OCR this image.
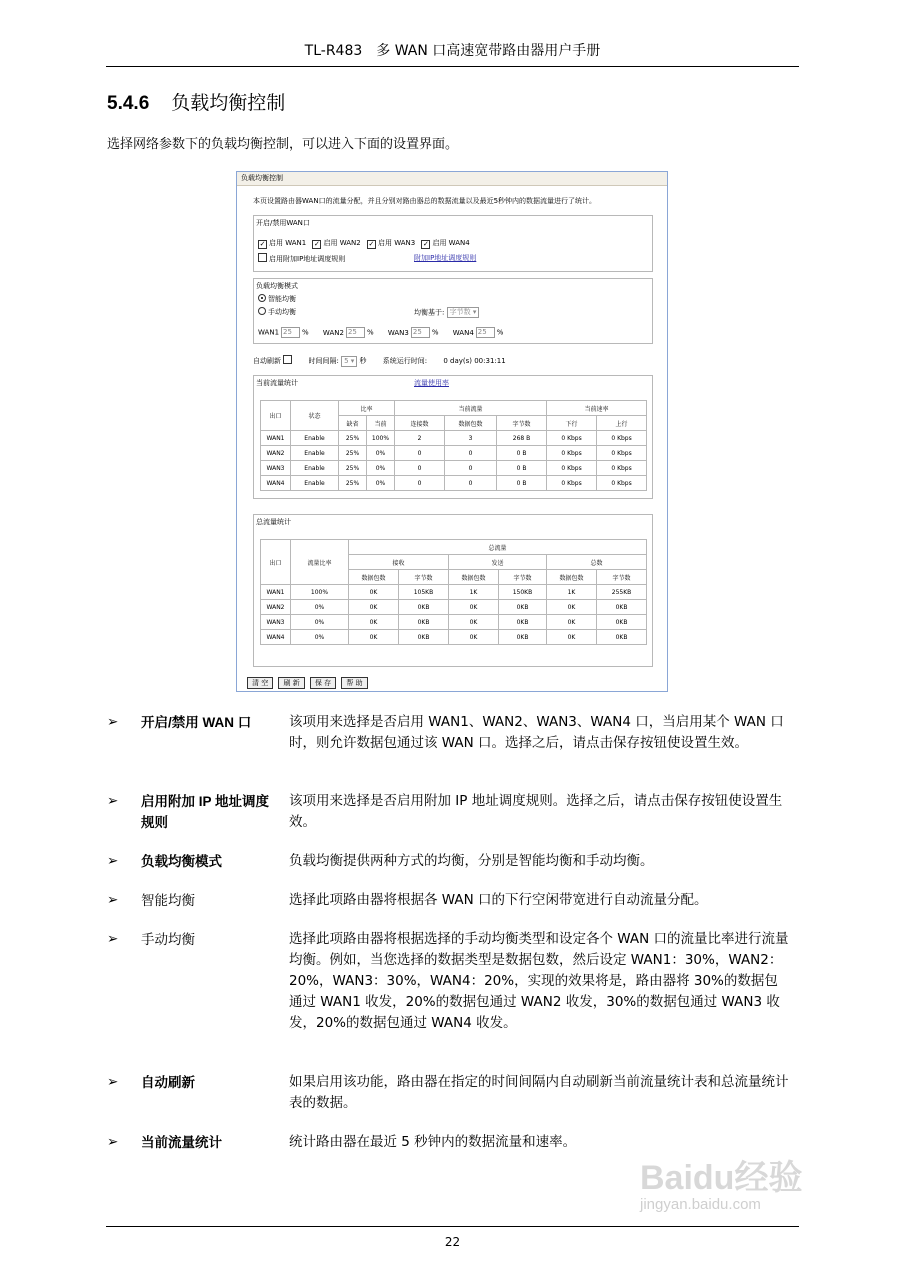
TL-R483　多 WAN 口高速宽带路由器用户手册
5.4.6 负载均衡控制
选择网络参数下的负载均衡控制，可以进入下面的设置界面。
负载均衡控制
本页设置路由器WAN口的流量分配，并且分别对路由器总的数据流量以及最近5秒钟内的数据流量进行了统计。
开启/禁用WAN口
✓ 启用 WAN1 ✓ 启用 WAN2 ✓ 启用 WAN3 ✓ 启用 WAN4
启用附加IP地址调度规则	附加IP地址调度规则
负载均衡模式
智能均衡
手动均衡	均衡基于: 字节数 ▾
WAN1 25 % WAN2 25 % WAN3 25 % WAN4 25 %
自动刷新	时间间隔: 5 ▾ 秒 系统运行时间: 0 day(s) 00:31:11
当前流量统计	流量使用率
出口	状态	比率		当前流量			当前速率	
		缺省	当前	连接数	数据包数	字节数	下行	上行
WAN1	Enable	25%	100%	2	3	268 B	0 Kbps	0 Kbps
WAN2	Enable	25%	0%	0	0	0 B	0 Kbps	0 Kbps
WAN3	Enable	25%	0%	0	0	0 B	0 Kbps	0 Kbps
WAN4	Enable	25%	0%	0	0	0 B	0 Kbps	0 Kbps
总流量统计
出口	流量比率	总流量					
		接收		发送		总数	
		数据包数	字节数	数据包数	字节数	数据包数	字节数
WAN1	100%	0K	105KB	1K	150KB	1K	255KB
WAN2	0%	0K	0KB	0K	0KB	0K	0KB
WAN3	0%	0K	0KB	0K	0KB	0K	0KB
WAN4	0%	0K	0KB	0K	0KB	0K	0KB
清 空 刷 新 保 存 帮 助
➢ 开启/禁用 WAN 口	该项用来选择是否启用 WAN1、WAN2、WAN3、WAN4 口，当启用某个 WAN 口时，则允许数据包通过该 WAN 口。选择之后，请点击保存按钮使设置生效。
➢ 启用附加 IP 地址调度规则
该项用来选择是否启用附加 IP 地址调度规则。选择之后，请点击保存按钮使设置生效。
➢ 负载均衡模式	负载均衡提供两种方式的均衡，分别是智能均衡和手动均衡。
➢ 智能均衡	选择此项路由器将根据各 WAN 口的下行空闲带宽进行自动流量分配。
➢ 手动均衡	选择此项路由器将根据选择的手动均衡类型和设定各个 WAN 口的流量比率进行流量均衡。例如，当您选择的数据类型是数据包数，然后设定 WAN1：30%，WAN2：20%，WAN3：30%，WAN4：20%，实现的效果将是，路由器将 30%的数据包通过 WAN1 收发，20%的数据包通过 WAN2 收发，30%的数据包通过 WAN3 收发，20%的数据包通过 WAN4 收发。
➢ 自动刷新	如果启用该功能，路由器在指定的时间间隔内自动刷新当前流量统计表和总流量统计表的数据。
➢ 当前流量统计	统计路由器在最近 5 秒钟内的数据流量和速率。
Baidu经验
jingyan.baidu.com
22
